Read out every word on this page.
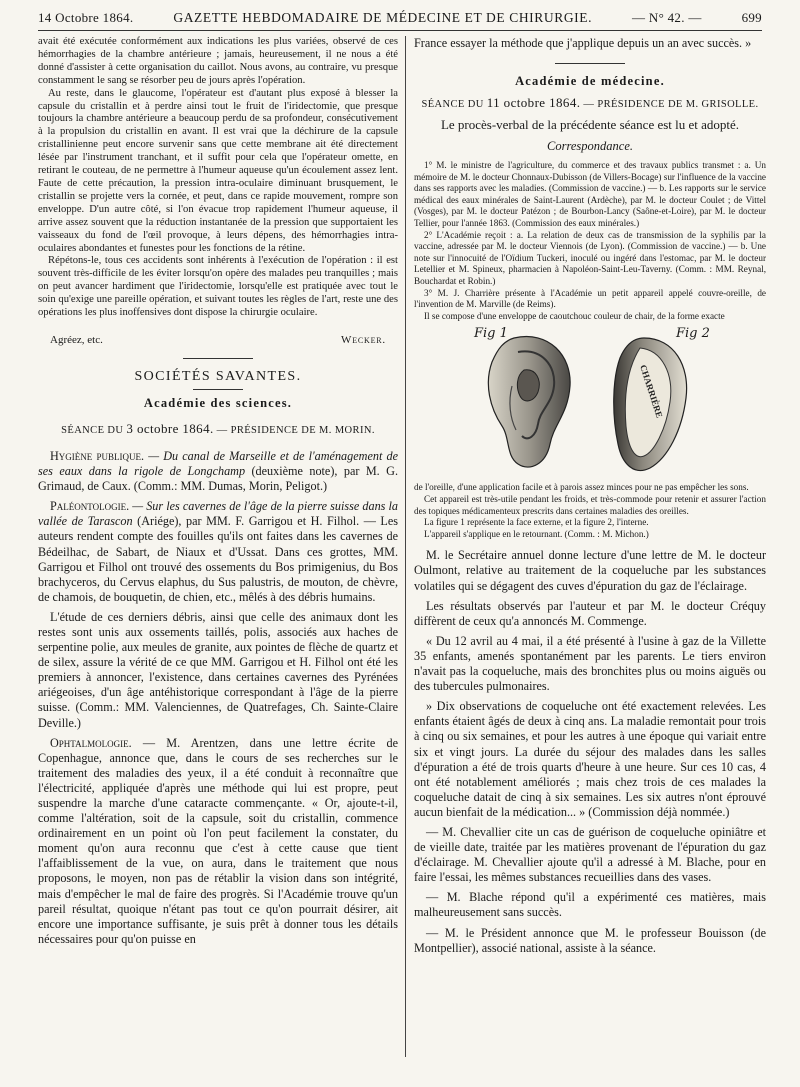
14 Octobre 1864.	GAZETTE HEBDOMADAIRE DE MÉDECINE ET DE CHIRURGIE.	— N° 42. —	699

avait été exécutée conformément aux indications les plus variées, observé de ces hémorrhagies de la chambre antérieure ; jamais, heureusement, il ne nous a été donné d'assister à cette organisation du caillot. Nous avons, au contraire, vu presque constamment le sang se résorber peu de jours après l'opération.

Au reste, dans le glaucome, l'opérateur est d'autant plus exposé à blesser la capsule du cristallin et à perdre ainsi tout le fruit de l'iridectomie, que presque toujours la chambre antérieure a beaucoup perdu de sa profondeur, consécutivement à la propulsion du cristallin en avant. Il est vrai que la déchirure de la capsule cristallinienne peut encore survenir sans que cette membrane ait été directement lésée par l'instrument tranchant, et il suffit pour cela que l'opérateur omette, en retirant le couteau, de ne permettre à l'humeur aqueuse qu'un écoulement assez lent. Faute de cette précaution, la pression intra-oculaire diminuant brusquement, le cristallin se projette vers la cornée, et peut, dans ce rapide mouvement, rompre son enveloppe. D'un autre côté, si l'on évacue trop rapidement l'humeur aqueuse, il arrive assez souvent que la réduction instantanée de la pression que supportaient les vaisseaux du fond de l'œil provoque, à leurs dépens, des hémorrhagies intra-oculaires abondantes et funestes pour les fonctions de la rétine.

Répétons-le, tous ces accidents sont inhérents à l'exécution de l'opération : il est souvent très-difficile de les éviter lorsqu'on opère des malades peu tranquilles ; mais on peut avancer hardiment que l'iridectomie, lorsqu'elle est pratiquée avec tout le soin qu'exige une pareille opération, et suivant toutes les règles de l'art, reste une des opérations les plus inoffensives dont dispose la chirurgie oculaire.

Agréez, etc.	Wecker.

SOCIÉTÉS SAVANTES.

Académie des sciences.

SÉANCE DU 3 octobre 1864. — PRÉSIDENCE DE M. MORIN.

Hygiène publique. — Du canal de Marseille et de l'aménagement de ses eaux dans la rigole de Longchamp (deuxième note), par M. G. Grimaud, de Caux. (Comm.: MM. Dumas, Morin, Peligot.)

Paléontologie. — Sur les cavernes de l'âge de la pierre suisse dans la vallée de Tarascon (Ariége), par MM. F. Garrigou et H. Filhol. — Les auteurs rendent compte des fouilles qu'ils ont faites dans les cavernes de Bédeilhac, de Sabart, de Niaux et d'Ussat. Dans ces grottes, MM. Garrigou et Filhol ont trouvé des ossements du Bos primigenius, du Bos brachyceros, du Cervus elaphus, du Sus palustris, de mouton, de chèvre, de chamois, de bouquetin, de chien, etc., mêlés à des débris humains.

L'étude de ces derniers débris, ainsi que celle des animaux dont les restes sont unis aux ossements taillés, polis, associés aux haches de serpentine polie, aux meules de granite, aux pointes de flèche de quartz et de silex, assure la vérité de ce que MM. Garrigou et H. Filhol ont été les premiers à annoncer, l'existence, dans certaines cavernes des Pyrénées ariégeoises, d'un âge antéhistorique correspondant à l'âge de la pierre suisse. (Comm.: MM. Valenciennes, de Quatrefages, Ch. Sainte-Claire Deville.)

Ophtalmologie. — M. Arentzen, dans une lettre écrite de Copenhague, annonce que, dans le cours de ses recherches sur le traitement des maladies des yeux, il a été conduit à reconnaître que l'électricité, appliquée d'après une méthode qui lui est propre, peut suspendre la marche d'une cataracte commençante. « Or, ajoute-t-il, comme l'altération, soit de la capsule, soit du cristallin, commence ordinairement en un point où l'on peut facilement la constater, du moment qu'on aura reconnu que c'est à cette cause que tient l'affaiblissement de la vue, on aura, dans le traitement que nous proposons, le moyen, non pas de rétablir la vision dans son intégrité, mais d'empêcher le mal de faire des progrès. Si l'Académie trouve qu'un pareil résultat, quoique n'étant pas tout ce qu'on pourrait désirer, ait encore une importance suffisante, je suis prêt à donner tous les détails nécessaires pour qu'on puisse en

France essayer la méthode que j'applique depuis un an avec succès. »

Académie de médecine.

SÉANCE DU 11 octobre 1864. — PRÉSIDENCE DE M. GRISOLLE.

Le procès-verbal de la précédente séance est lu et adopté.

Correspondance.

1° M. le ministre de l'agriculture, du commerce et des travaux publics transmet : a. Un mémoire de M. le docteur Chonnaux-Dubisson (de Villers-Bocage) sur l'influence de la vaccine dans ses rapports avec les maladies. (Commission de vaccine.) — b. Les rapports sur le service médical des eaux minérales de Saint-Laurent (Ardèche), par M. le docteur Coulet ; de Vittel (Vosges), par M. le docteur Patézon ; de Bourbon-Lancy (Saône-et-Loire), par M. le docteur Tellier, pour l'année 1863. (Commission des eaux minérales.)

2° L'Académie reçoit : a. La relation de deux cas de transmission de la syphilis par la vaccine, adressée par M. le docteur Viennois (de Lyon). (Commission de vaccine.) — b. Une note sur l'innocuité de l'Oïdium Tuckeri, inoculé ou ingéré dans l'estomac, par M. le docteur Letellier et M. Spineux, pharmacien à Napoléon-Saint-Leu-Taverny. (Comm. : MM. Reynal, Bouchardat et Robin.)

3° M. J. Charrière présente à l'Académie un petit appareil appelé couvre-oreille, de l'invention de M. Marville (de Reims).

Il se compose d'une enveloppe de caoutchouc couleur de chair, de la forme exacte

Fig 1	Fig 2
CHARRIÈRE

de l'oreille, d'une application facile et à parois assez minces pour ne pas empêcher les sons.

Cet appareil est très-utile pendant les froids, et très-commode pour retenir et assurer l'action des topiques médicamenteux prescrits dans certaines maladies des oreilles.

La figure 1 représente la face externe, et la figure 2, l'interne.

L'appareil s'applique en le retournant. (Comm. : M. Michon.)

M. le Secrétaire annuel donne lecture d'une lettre de M. le docteur Oulmont, relative au traitement de la coqueluche par les substances volatiles qui se dégagent des cuves d'épuration du gaz de l'éclairage.

Les résultats observés par l'auteur et par M. le docteur Créquy diffèrent de ceux qu'a annoncés M. Commenge.

« Du 12 avril au 4 mai, il a été présenté à l'usine à gaz de la Villette 35 enfants, amenés spontanément par les parents. Le tiers environ n'avait pas la coqueluche, mais des bronchites plus ou moins aiguës ou des tubercules pulmonaires.

» Dix observations de coqueluche ont été exactement relevées. Les enfants étaient âgés de deux à cinq ans. La maladie remontait pour trois à cinq ou six semaines, et pour les autres à une époque qui variait entre six et vingt jours. La durée du séjour des malades dans les salles d'épuration a été de trois quarts d'heure à une heure. Sur ces 10 cas, 4 ont été notablement améliorés ; mais chez trois de ces malades la coqueluche datait de cinq à six semaines. Les six autres n'ont éprouvé aucun bienfait de la médication... » (Commission déjà nommée.)

— M. Chevallier cite un cas de guérison de coqueluche opiniâtre et de vieille date, traitée par les matières provenant de l'épuration du gaz d'éclairage. M. Chevallier ajoute qu'il a adressé à M. Blache, pour en faire l'essai, les mêmes substances recueillies dans des vases.

— M. Blache répond qu'il a expérimenté ces matières, mais malheureusement sans succès.

— M. le Président annonce que M. le professeur Bouisson (de Montpellier), associé national, assiste à la séance.
